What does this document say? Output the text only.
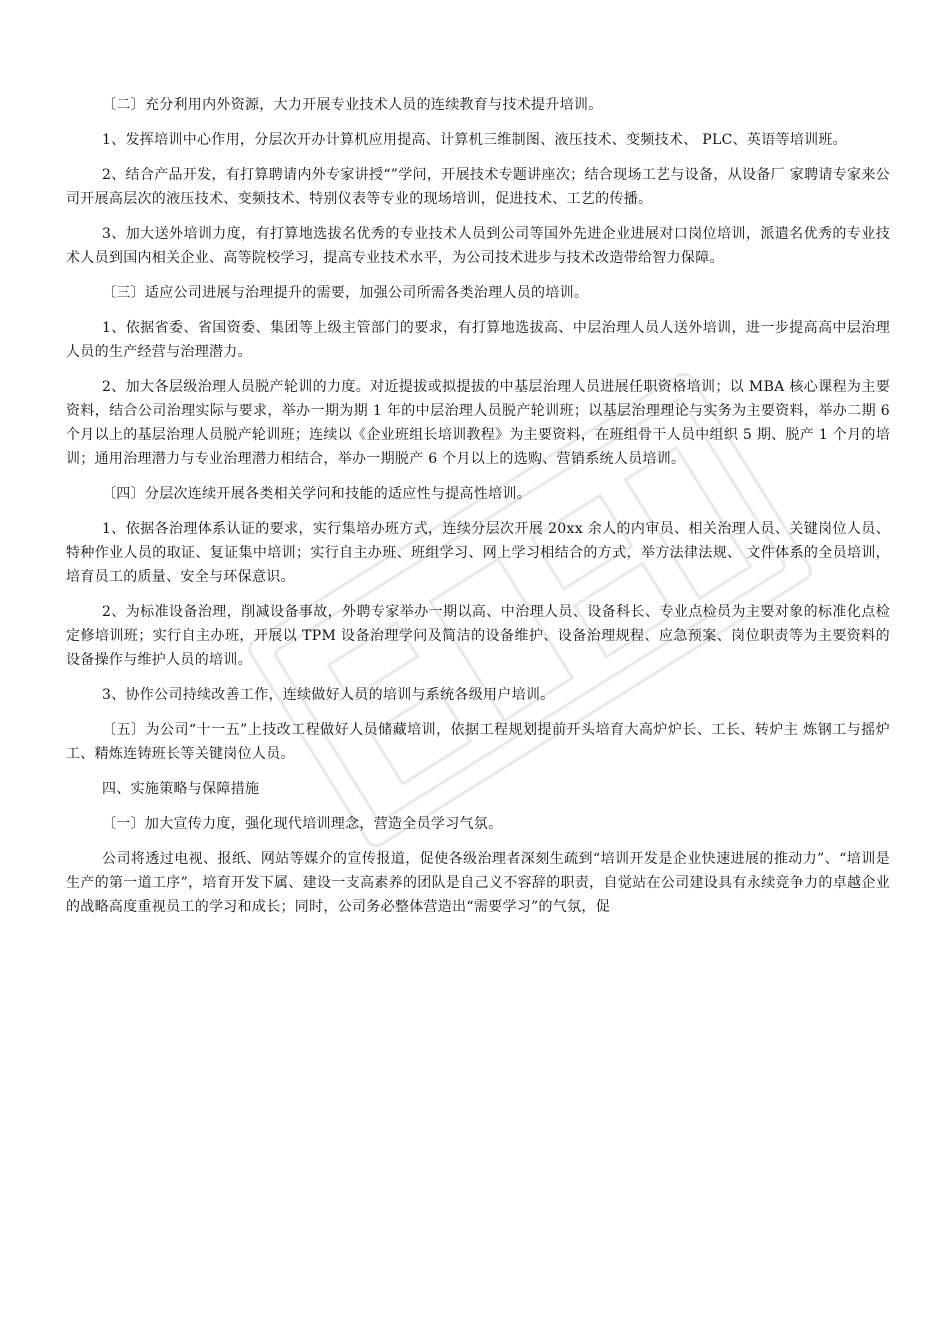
〔二〕充分利用内外资源，大力开展专业技术人员的连续教育与技术提升培训。

1、发挥培训中心作用，分层次开办计算机应用提高、计算机三维制图、液压技术、变频技术、 PLC、英语等培训班。

2、结合产品开发，有打算聘请内外专家讲授“”学问，开展技术专题讲座次；结合现场工艺与设备，从设备厂 家聘请专家来公司开展高层次的液压技术、变频技术、特别仪表等专业的现场培训，促进技术、工艺的传播。

3、加大送外培训力度，有打算地选拔名优秀的专业技术人员到公司等国外先进企业进展对口岗位培训，派遣名优秀的专业技术人员到国内相关企业、高等院校学习，提高专业技术水平，为公司技术进步与技术改造带给智力保障。

〔三〕适应公司进展与治理提升的需要，加强公司所需各类治理人员的培训。

1、依据省委、省国资委、集团等上级主管部门的要求，有打算地选拔高、中层治理人员人送外培训，进一步提高高中层治理人员的生产经营与治理潜力。

2、加大各层级治理人员脱产轮训的力度。对近提拔或拟提拔的中基层治理人员进展任职资格培训；以 MBA 核心课程为主要资料，结合公司治理实际与要求，举办一期为期 1 年的中层治理人员脱产轮训班；以基层治理理论与实务为主要资料，举办二期 6 个月以上的基层治理人员脱产轮训班；连续以《企业班组长培训教程》为主要资料，在班组骨干人员中组织 5 期、脱产 1 个月的培训；通用治理潜力与专业治理潜力相结合，举办一期脱产 6 个月以上的选购、营销系统人员培训。

〔四〕分层次连续开展各类相关学问和技能的适应性与提高性培训。

1、依据各治理体系认证的要求，实行集培办班方式，连续分层次开展 20xx 余人的内审员、相关治理人员、关键岗位人员、特种作业人员的取证、复证集中培训；实行自主办班、班组学习、网上学习相结合的方式，举方法律法规、 文件体系的全员培训，培育员工的质量、安全与环保意识。

2、为标准设备治理，削减设备事故，外聘专家举办一期以高、中治理人员、设备科长、专业点检员为主要对象的标准化点检定修培训班；实行自主办班，开展以 TPM 设备治理学问及简洁的设备维护、设备治理规程、应急预案、岗位职责等为主要资料的设备操作与维护人员的培训。

3、协作公司持续改善工作，连续做好人员的培训与系统各级用户培训。

〔五〕为公司“十一五”上技改工程做好人员储藏培训，依据工程规划提前开头培育大高炉炉长、工长、转炉主 炼钢工与摇炉工、精炼连铸班长等关键岗位人员。

四、实施策略与保障措施

〔一〕加大宣传力度，强化现代培训理念，营造全员学习气氛。

公司将透过电视、报纸、网站等媒介的宣传报道，促使各级治理者深刻生疏到“培训开发是企业快速进展的推动力”、“培训是生产的第一道工序”，培育开发下属、建设一支高素养的团队是自己义不容辞的职责，自觉站在公司建设具有永续竞争力的卓越企业的战略高度重视员工的学习和成长；同时，公司务必整体营造出“需要学习”的气氛，促
